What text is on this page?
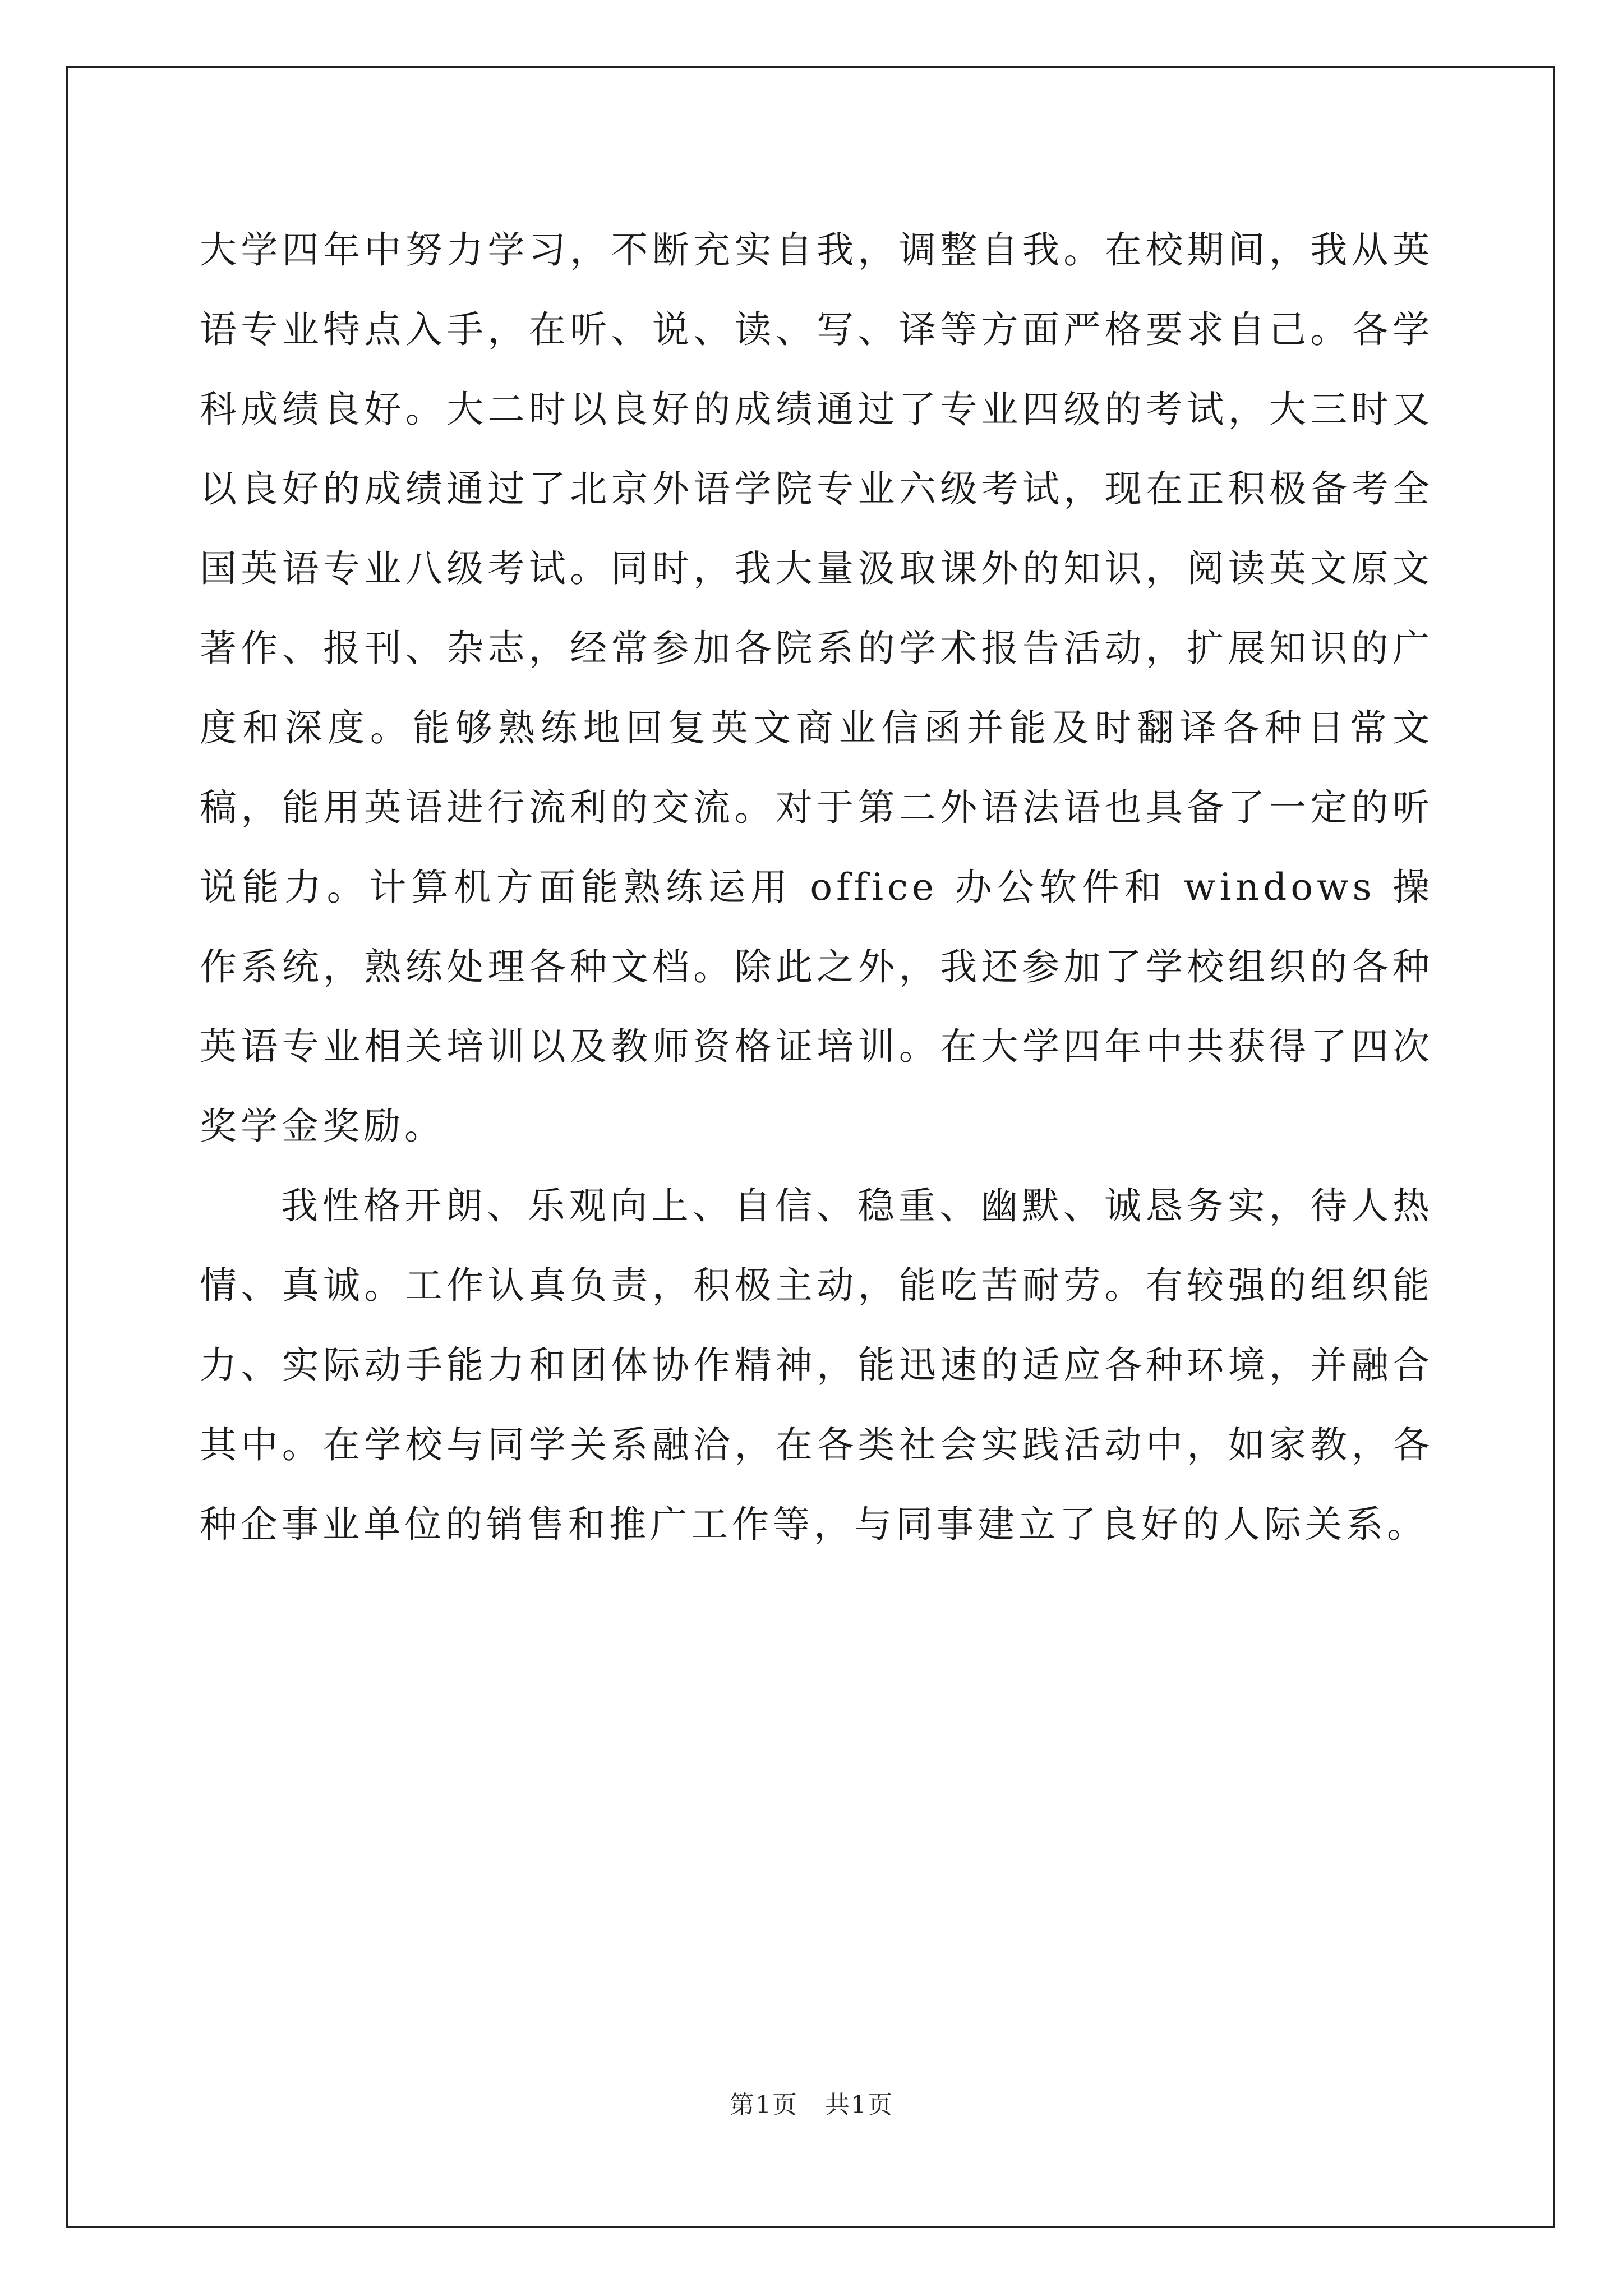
大学四年中努力学习，不断充实自我，调整自我。在校期间，我从英语专业特点入手，在听、说、读、写、译等方面严格要求自己。各学科成绩良好。大二时以良好的成绩通过了专业四级的考试，大三时又以良好的成绩通过了北京外语学院专业六级考试，现在正积极备考全国英语专业八级考试。同时，我大量汲取课外的知识，阅读英文原文著作、报刊、杂志，经常参加各院系的学术报告活动，扩展知识的广度和深度。能够熟练地回复英文商业信函并能及时翻译各种日常文稿，能用英语进行流利的交流。对于第二外语法语也具备了一定的听说能力。计算机方面能熟练运用 office 办公软件和 windows 操作系统，熟练处理各种文档。除此之外，我还参加了学校组织的各种英语专业相关培训以及教师资格证培训。在大学四年中共获得了四次奖学金奖励。

我性格开朗、乐观向上、自信、稳重、幽默、诚恳务实，待人热情、真诚。工作认真负责，积极主动，能吃苦耐劳。有较强的组织能力、实际动手能力和团体协作精神，能迅速的适应各种环境，并融合其中。在学校与同学关系融洽，在各类社会实践活动中，如家教，各种企事业单位的销售和推广工作等，与同事建立了良好的人际关系。

第1页   共1页
